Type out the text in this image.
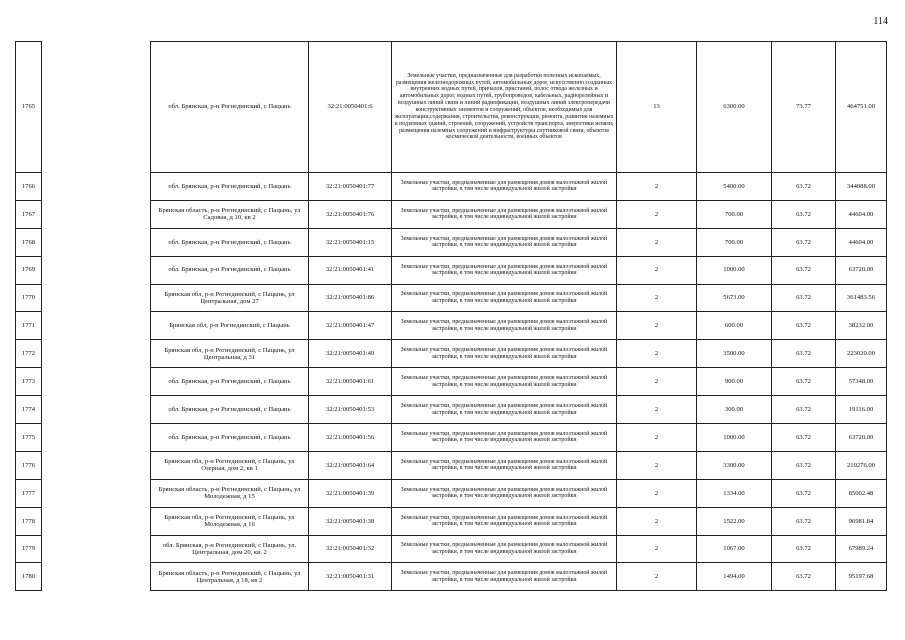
114
1765		обл. Брянская, р-н Рогнединский, с Пацынь	32:21:0050401:6	Земельные участки, предназначенные для разработки полезных ископаемых, размещения железнодорожных путей, автомобильных дорог, искусственно созданных внутренних водных путей, причалов, пристаней, полос отвода железных и автомобильных дорог, водных путей, трубопроводов, кабельных, радиорелейных и воздушных линий связи и линий радиофикации, воздушных линий электропередачи конструктивных элементов и сооружений, объектов, необходимых для эксплуатации,содержания, строительства, реконструкции, ремонта, развития наземных и подземных зданий, строений, сооружений, устройств транспорта, энергетики исвязи; размещения наземных сооружений и инфраструктуры спутниковой связи, объектов космической деятельности, военных объектов	13	6300.00	73.77	464751.00
1766		обл. Брянская, р-н Рогнединский, с Пацынь	32:21:0050401:77	Земельные участки, предназначенные для размещения домов малоэтажной жилой застройки, в том числе индивидуальной жилой застройки	2	5400.00	63.72	344088.00
1767		Брянская область, р-н Рогнединский, с Пацынь, ул Садовая, д 10, кв 2	32:21:0050401:76	Земельные участки, предназначенные для размещения домов малоэтажной жилой застройки, в том числе индивидуальной жилой застройки	2	700.00	63.72	44604.00
1768		обл. Брянская, р-н Рогнединский, с Пацынь	32:21:0050401:15	Земельные участки, предназначенные для размещения домов малоэтажной жилой застройки, в том числе индивидуальной жилой застройки	2	700.00	63.72	44604.00
1769		обл. Брянская, р-н Рогнединский, с Пацынь	32:21:0050401:41	Земельные участки, предназначенные для размещения домов малоэтажной жилой застройки, в том числе индивидуальной жилой застройки	2	1000.00	63.72	63720.00
1770		Брянская обл, р-н Рогнединский, с Пацынь, ул Центральная, дом 27	32:21:0050401:86	Земельные участки, предназначенные для размещения домов малоэтажной жилой застройки, в том числе индивидуальной жилой застройки	2	5673.00	63.72	361483.56
1771		Брянская обл, р-н Рогнединский, с Пацынь	32:21:0050401:47	Земельные участки, предназначенные для размещения домов малоэтажной жилой застройки, в том числе индивидуальной жилой застройки	2	600.00	63.72	38232.00
1772		Брянская обл, р-н Рогнединский, с Пацынь, ул Центральная, д 31	32:21:0050401:49	Земельные участки, предназначенные для размещения домов малоэтажной жилой застройки, в том числе индивидуальной жилой застройки	2	3500.00	63.72	223020.00
1773		обл. Брянская, р-н Рогнединский, с Пацынь	32:21:0050401:61	Земельные участки, предназначенные для размещения домов малоэтажной жилой застройки, в том числе индивидуальной жилой застройки	2	900.00	63.72	57348.00
1774		обл. Брянская, р-н Рогнединский, с Пацынь	32:21:0050401:53	Земельные участки, предназначенные для размещения домов малоэтажной жилой застройки, в том числе индивидуальной жилой застройки	2	300.00	63.72	19116.00
1775		обл. Брянская, р-н Рогнединский, с Пацынь	32:21:0050401:56	Земельные участки, предназначенные для размещения домов малоэтажной жилой застройки, в том числе индивидуальной жилой застройки	2	1000.00	63.72	63720.00
1776		Брянская обл, р-н Рогнединский, с Пацынь, ул Озерная, дом 2, кв 1	32:21:0050401:64	Земельные участки, предназначенные для размещения домов малоэтажной жилой застройки, в том числе индивидуальной жилой застройки	2	3300.00	63.72	210276.00
1777		Брянская область, р-н Рогнединский, с Пацынь, ул Молодежная, д 15	32:21:0050401:39	Земельные участки, предназначенные для размещения домов малоэтажной жилой застройки, в том числе индивидуальной жилой застройки	2	1334.00	63.72	85002.48
1778		Брянская обл, р-н Рогнединский, с Пацынь, ул Молодежная, д 16	32:21:0050401:38	Земельные участки, предназначенные для размещения домов малоэтажной жилой застройки, в том числе индивидуальной жилой застройки	2	1522.00	63.72	96981.84
1779		обл. Брянская, р-н Рогнединский, с Пацынь, ул. Центральная, дом 20, кв. 2	32:21:0050401:32	Земельные участки, предназначенные для размещения домов малоэтажной жилой застройки, в том числе индивидуальной жилой застройки	2	1067.00	63.72	67989.24
1780		Брянская область, р-н Рогнединский, с Пацынь, ул Центральная, д 18, кв 2	32:21:0050401:31	Земельные участки, предназначенные для размещения домов малоэтажной жилой застройки, в том числе индивидуальной жилой застройки	2	1494.00	63.72	95197.68
